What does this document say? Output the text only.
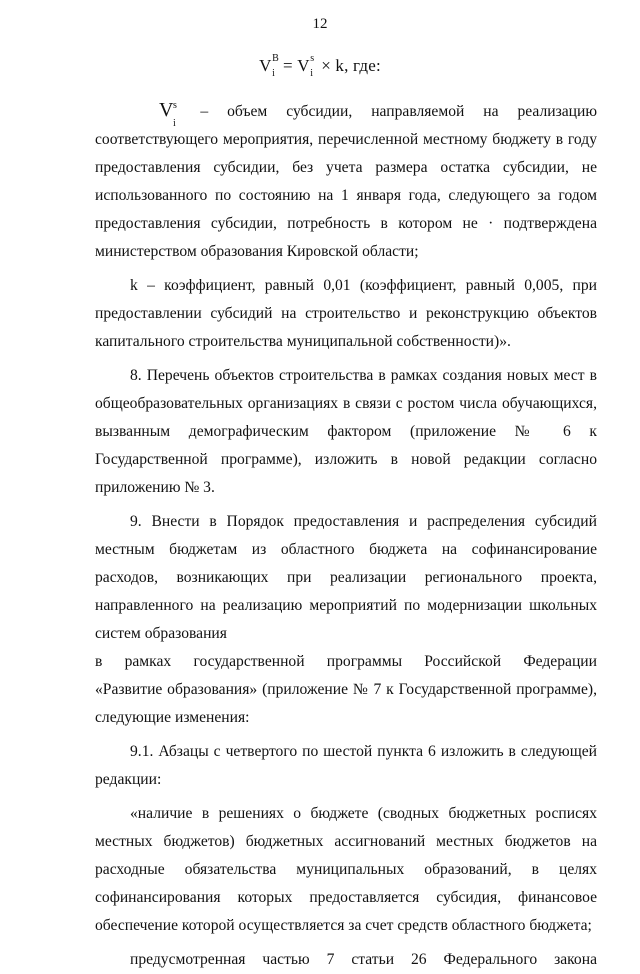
12
V B
i = V s
i × k, где:

V s
i
– объем субсидии, направляемой на реализацию соответствующего мероприятия, перечисленной местному бюджету в году предоставления субсидии, без учета размера остатка субсидии, не использованного по состоянию на 1 января года, следующего за годом предоставления субсидии, потребность в котором не · подтверждена министерством образования Кировской области;

k – коэффициент, равный 0,01 (коэффициент, равный 0,005, при предоставлении субсидий на строительство и реконструкцию объектов капитального строительства муниципальной собственности)».

8. Перечень объектов строительства в рамках создания новых мест в общеобразовательных организациях в связи с ростом числа обучающихся, вызванным демографическим фактором (приложение № 6 к Государственной программе), изложить в новой редакции согласно приложению № 3.

9. Внести в Порядок предоставления и распределения субсидий местным бюджетам из областного бюджета на софинансирование расходов, возникающих при реализации регионального проекта, направленного на реализацию мероприятий по модернизации школьных систем образования

в рамках государственной программы Российской Федерации

«Развитие образования» (приложение № 7 к Государственной программе), следующие изменения:

9.1. Абзацы с четвертого по шестой пункта 6 изложить в следующей редакции:

«наличие в решениях о бюджете (сводных бюджетных росписях местных бюджетов) бюджетных ассигнований местных бюджетов на расходные обязательства муниципальных образований, в целях софинансирования которых предоставляется субсидия, финансовое обеспечение которой осуществляется за счет средств областного бюджета;

предусмотренная частью 7 статьи 26 Федерального закона
